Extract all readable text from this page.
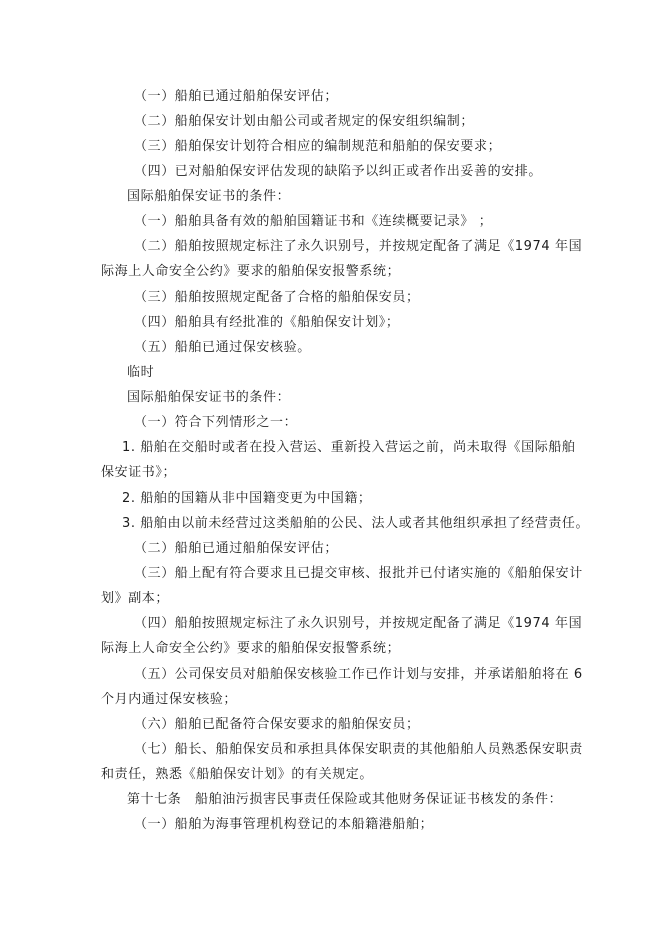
（一）船舶已通过船舶保安评估；
（二）船舶保安计划由船公司或者规定的保安组织编制；
（三）船舶保安计划符合相应的编制规范和船舶的保安要求；
（四）已对船舶保安评估发现的缺陷予以纠正或者作出妥善的安排。
国际船舶保安证书的条件：
（一）船舶具备有效的船舶国籍证书和《连续概要记录》 ；
（二）船舶按照规定标注了永久识别号，并按规定配备了满足《1974 年国
际海上人命安全公约》要求的船舶保安报警系统；
（三）船舶按照规定配备了合格的船舶保安员；
（四）船舶具有经批准的《船舶保安计划》；
（五）船舶已通过保安核验。
临时
国际船舶保安证书的条件：
（一）符合下列情形之一：
1. 船舶在交船时或者在投入营运、重新投入营运之前，尚未取得《国际船舶
保安证书》；
2. 船舶的国籍从非中国籍变更为中国籍；
3. 船舶由以前未经营过这类船舶的公民、法人或者其他组织承担了经营责任。
（二）船舶已通过船舶保安评估；
（三）船上配有符合要求且已提交审核、报批并已付诸实施的《船舶保安计
划》副本；
（四）船舶按照规定标注了永久识别号，并按规定配备了满足《1974 年国
际海上人命安全公约》要求的船舶保安报警系统；
（五）公司保安员对船舶保安核验工作已作计划与安排，并承诺船舶将在 6
个月内通过保安核验；
（六）船舶已配备符合保安要求的船舶保安员；
（七）船长、船舶保安员和承担具体保安职责的其他船舶人员熟悉保安职责
和责任，熟悉《船舶保安计划》的有关规定。
第十七条　船舶油污损害民事责任保险或其他财务保证证书核发的条件：
（一）船舶为海事管理机构登记的本船籍港船舶；
